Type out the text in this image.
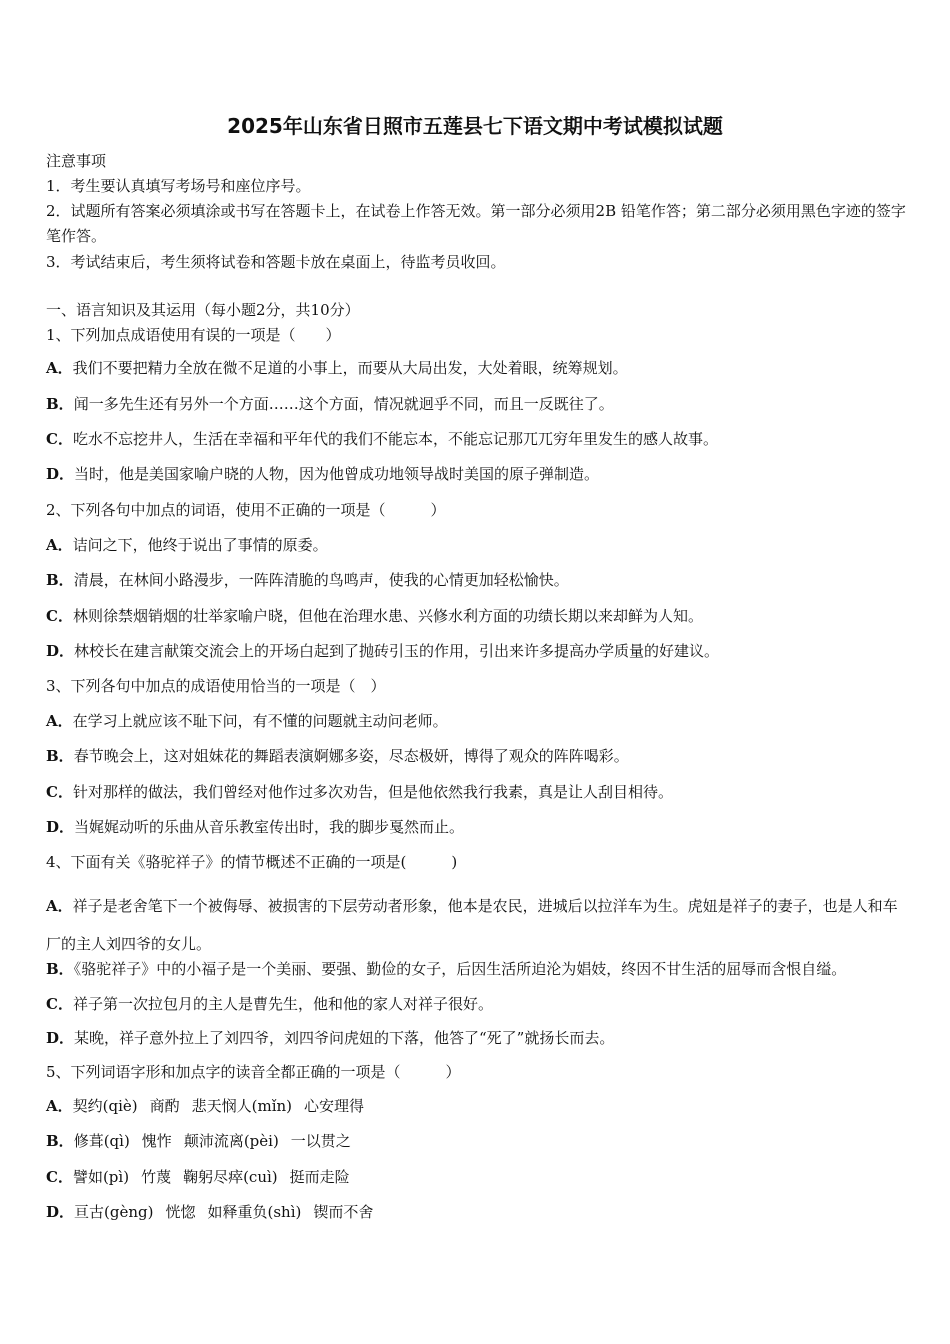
2025年山东省日照市五莲县七下语文期中考试模拟试题
注意事项
1．考生要认真填写考场号和座位序号。
2．试题所有答案必须填涂或书写在答题卡上，在试卷上作答无效。第一部分必须用2B 铅笔作答；第二部分必须用黑色字迹的签字笔作答。
3．考试结束后，考生须将试卷和答题卡放在桌面上，待监考员收回。
一、语言知识及其运用（每小题2分，共10分）
1、下列加点成语使用有误的一项是（　　）
A．我们不要把精力全放在微不足道的小事上，而要从大局出发，大处着眼，统筹规划。
B．闻一多先生还有另外一个方面……这个方面，情况就迥乎不同，而且一反既往了。
C．吃水不忘挖井人，生活在幸福和平年代的我们不能忘本，不能忘记那兀兀穷年里发生的感人故事。
D．当时，他是美国家喻户晓的人物，因为他曾成功地领导战时美国的原子弹制造。
2、下列各句中加点的词语，使用不正确的一项是（　　　）
A．诘问之下，他终于说出了事情的原委。
B．清晨，在林间小路漫步，一阵阵清脆的鸟鸣声，使我的心情更加轻松愉快。
C．林则徐禁烟销烟的壮举家喻户晓，但他在治理水患、兴修水利方面的功绩长期以来却鲜为人知。
D．林校长在建言献策交流会上的开场白起到了抛砖引玉的作用，引出来许多提高办学质量的好建议。
3、下列各句中加点的成语使用恰当的一项是（　）
A．在学习上就应该不耻下问，有不懂的问题就主动问老师。
B．春节晚会上，这对姐妹花的舞蹈表演婀娜多姿，尽态极妍，博得了观众的阵阵喝彩。
C．针对那样的做法，我们曾经对他作过多次劝告，但是他依然我行我素，真是让人刮目相待。
D．当娓娓动听的乐曲从音乐教室传出时，我的脚步戛然而止。
4、下面有关《骆驼祥子》的情节概述不正确的一项是(　　　)
A．祥子是老舍笔下一个被侮辱、被损害的下层劳动者形象，他本是农民，进城后以拉洋车为生。虎妞是祥子的妻子，也是人和车厂的主人刘四爷的女儿。
B．《骆驼祥子》中的小福子是一个美丽、要强、勤俭的女子，后因生活所迫沦为娼妓，终因不甘生活的屈辱而含恨自缢。
C．祥子第一次拉包月的主人是曹先生，他和他的家人对祥子很好。
D．某晚，祥子意外拉上了刘四爷，刘四爷问虎妞的下落，他答了“死了”就扬长而去。
5、下列词语字形和加点字的读音全都正确的一项是（　　　）
A．契约(qiè) 商酌 悲天悯人(mǐn) 心安理得
B．修葺(qì) 愧怍 颠沛流离(pèi) 一以贯之
C．譬如(pì) 竹蔑 鞠躬尽瘁(cuì) 挺而走险
D．亘古(gèng) 恍惚 如释重负(shì) 锲而不舍
